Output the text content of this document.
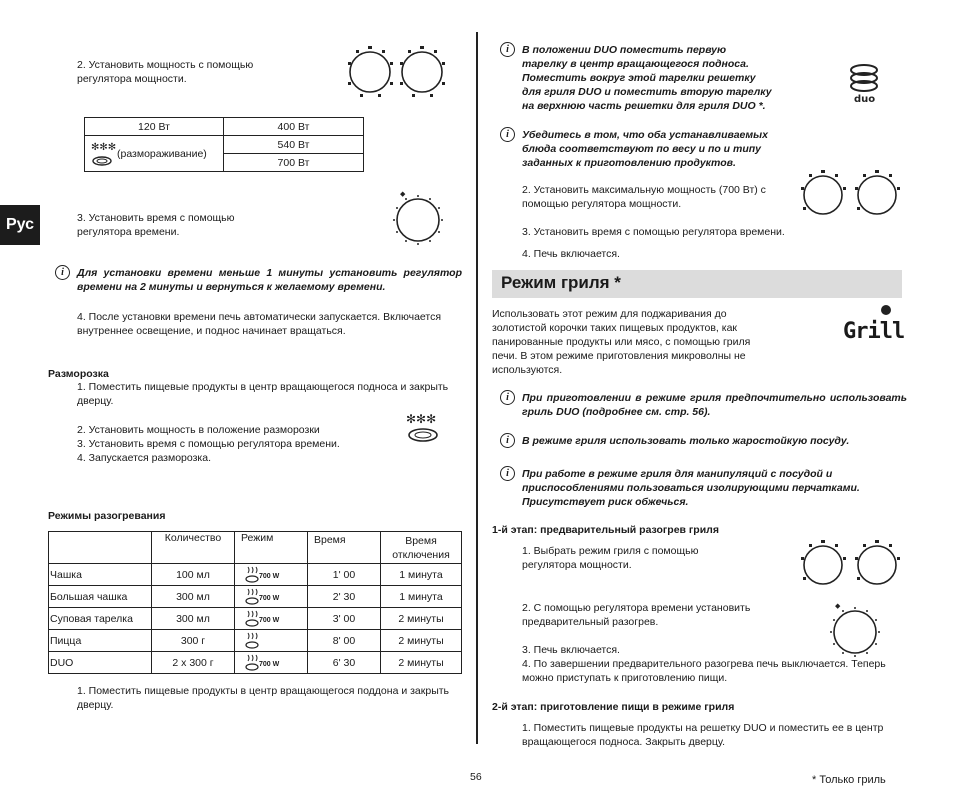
Рус
2. Установить мощность с помощью
регулятора мощности.
120 Вт	400 Вт

✻✻✻
(размораживание)	540 Вт
	700 Вт
3. Установить время с помощью
регулятора времени.
◆
i	Для установки времени меньше 1 минуты установить регулятор времени на 2 минуты и вернуться к желаемому времени.
4. После установки времени печь автоматически запускается. Включается внутреннее освещение, и поднос начинает вращаться.
Разморозка
1. Поместить пищевые продукты в центр вращающегося подноса и закрыть дверцу.
2. Установить мощность в положение разморозки
✻✻✻
3. Установить время с помощью регулятора времени.
4. Запускается разморозка.
Режимы разогревания
	Количество	Режим	Время	Время отключения
Чашка	100 мл	700 W	1' 00	1 минута
Большая чашка	300 мл	700 W	2' 30	1 минута
Суповая тарелка	300 мл	700 W	3' 00	2 минуты
Пицца	300 г		8' 00	2 минуты
DUO	2 x 300 г	700 W	6' 30	2 минуты
1. Поместить пищевые продукты в центр вращающегося поддона и закрыть дверцу.
i	В положении DUO поместить первую тарелку в центр вращающегося подноса. Поместить вокруг этой тарелки решетку для гриля DUO и поместить вторую тарелку на верхнюю часть решетки для гриля DUO *.
duo
i	Убедитесь в том, что оба устанавливаемых блюда соответствуют по весу и по и типу заданных к приготовлению продуктов.
2. Установить максимальную мощность (700 Вт) с помощью регулятора мощности.
3. Установить время с помощью регулятора времени.
4. Печь включается.
Режим гриля *
Использовать этот режим для поджаривания до золотистой корочки таких пищевых продуктов, как панированные продукты или мясо, с помощью гриля печи. В этом режиме приготовления микроволны не используются.
Grill
i	При приготовлении в режиме гриля предпочтительно использовать гриль DUO (подробнее см. стр. 56).
i	В режиме гриля использовать только жаростойкую посуду.
i	При работе в режиме гриля для манипуляций с посудой и приспособлениями пользоваться изолирующими перчатками. Присутствует риск обжечься.
1-й этап: предварительный разогрев гриля
1. Выбрать режим гриля с помощью регулятора мощности.
2. С помощью регулятора времени установить предварительный разогрев.
◆
3. Печь включается.
4. По завершении предварительного разогрева печь выключается. Теперь можно приступать к приготовлению пищи.
2-й этап: приготовление пищи в режиме гриля
1. Поместить пищевые продукты на решетку DUO и поместить ее в центр вращающегося подноса. Закрыть дверцу.
56	* Только гриль
